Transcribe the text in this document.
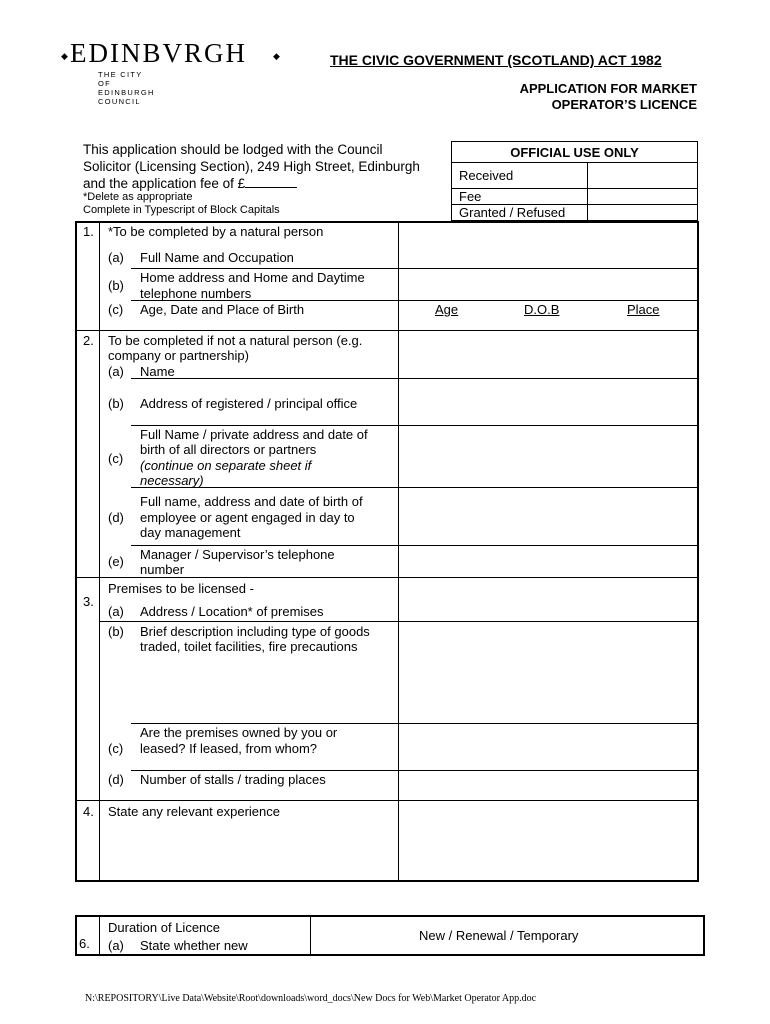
◆ EDINBVRGH	◆
THE CITY OF EDINBURGH COUNCIL
THE CIVIC GOVERNMENT (SCOTLAND) ACT 1982
APPLICATION FOR MARKET
OPERATOR’S LICENCE
This application should be lodged with the Council
Solicitor (Licensing Section), 249 High Street, Edinburgh
and the application fee of £
*Delete as appropriate
Complete in Typescript of Block Capitals
OFFICIAL USE ONLY
Received
Fee
Granted / Refused
1. *To be completed by a natural person
(a) Full Name and Occupation
(b)
Home address and Home and Daytime
telephone numbers
(c) Age, Date and Place of Birth	Age	D.O.B	Place
2. To be completed if not a natural person (e.g.
company or partnership)
(a) Name
(b) Address of registered / principal office
(c)
Full Name / private address and date of
birth of all directors or partners
(continue on separate sheet if
necessary)
(d)
Full name, address and date of birth of
employee or agent engaged in day to
day management
(e) Manager / Supervisor’s telephone
number
3.
Premises to be licensed -
(a) Address / Location* of premises
(b) Brief description including type of goods
traded, toilet facilities, fire precautions
(c)
Are the premises owned by you or
leased? If leased, from whom?
(d) Number of stalls / trading places
4. State any relevant experience
6.
Duration of Licence
(a) State whether new
New / Renewal / Temporary
N:\REPOSITORY\Live Data\Website\Root\downloads\word_docs\New Docs for Web\Market Operator App.doc
